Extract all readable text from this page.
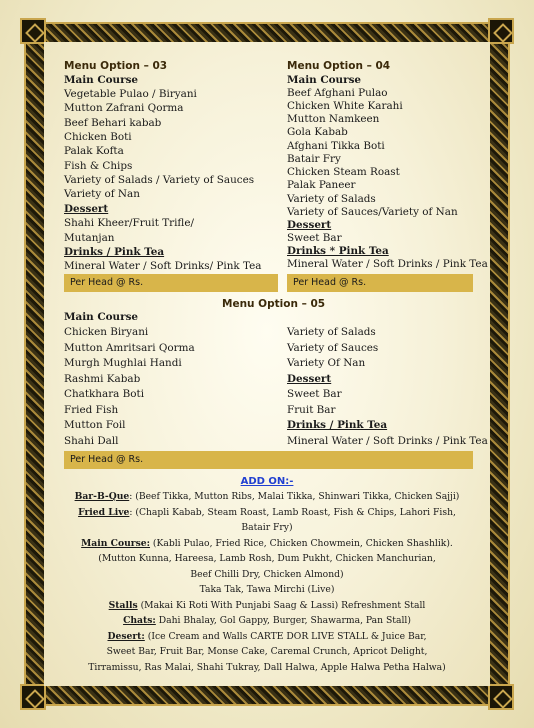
Menu Option – 03
Main Course
Vegetable Pulao / Biryani
Mutton Zafrani Qorma
Beef Behari kabab
Chicken Boti
Palak Kofta
Fish & Chips
Variety of Salads / Variety of Sauces
Variety of Nan
Dessert
Shahi Kheer/Fruit Trifle/
Mutanjan
Drinks / Pink Tea
Mineral Water / Soft Drinks/ Pink Tea
Per Head @ Rs.
Menu Option – 04
Main Course
Beef Afghani Pulao
Chicken White Karahi
Mutton Namkeen
Gola Kabab
Afghani Tikka Boti
Batair Fry
Chicken Steam Roast
Palak Paneer
Variety of Salads
Variety of Sauces/Variety of Nan
Dessert
Sweet Bar
Drinks * Pink Tea
Mineral Water / Soft Drinks / Pink Tea
Per Head @ Rs.
Menu Option – 05
Main Course
Chicken Biryani
Mutton Amritsari Qorma
Murgh Mughlai Handi
Rashmi Kabab
Chatkhara Boti
Fried Fish
Mutton Foil
Shahi Dall
Variety of Salads
Variety of Sauces
Variety Of Nan
Dessert
Sweet Bar
Fruit Bar
Drinks / Pink Tea
Mineral Water / Soft Drinks / Pink Tea
Per Head @ Rs.
ADD ON:-
Bar-B-Que: (Beef Tikka, Mutton Ribs, Malai Tikka, Shinwari Tikka, Chicken Sajji)
Fried Live: (Chapli Kabab, Steam Roast, Lamb Roast, Fish & Chips, Lahori Fish,
Batair Fry)
Main Course: (Kabli Pulao, Fried Rice, Chicken Chowmein, Chicken Shashlik).
(Mutton Kunna, Hareesa, Lamb Rosh, Dum Pukht, Chicken Manchurian,
Beef Chilli Dry, Chicken Almond)
Taka Tak, Tawa Mirchi (Live)
Stalls (Makai Ki Roti With Punjabi Saag & Lassi) Refreshment Stall
Chats: Dahi Bhalay, Gol Gappy, Burger, Shawarma, Pan Stall)
Desert: (Ice Cream and Walls CARTE DOR LIVE STALL & Juice Bar,
Sweet Bar, Fruit Bar, Monse Cake, Caremal Crunch, Apricot Delight,
Tirramissu, Ras Malai, Shahi Tukray, Dall Halwa, Apple Halwa Petha Halwa)
